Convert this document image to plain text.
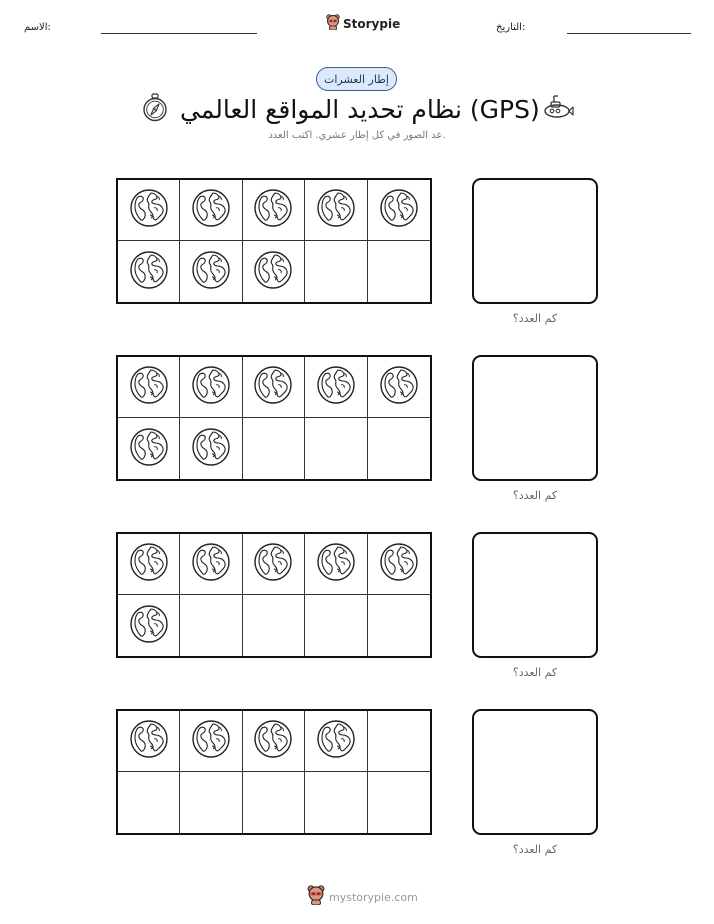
الاسم:	Storypie	التاريخ:
إطار العشرات
نظام تحديد المواقع العالمي (GPS)
عد الصور في كل إطار عشري. اكتب العدد.
كم العدد؟
كم العدد؟
كم العدد؟
كم العدد؟
mystorypie.com
